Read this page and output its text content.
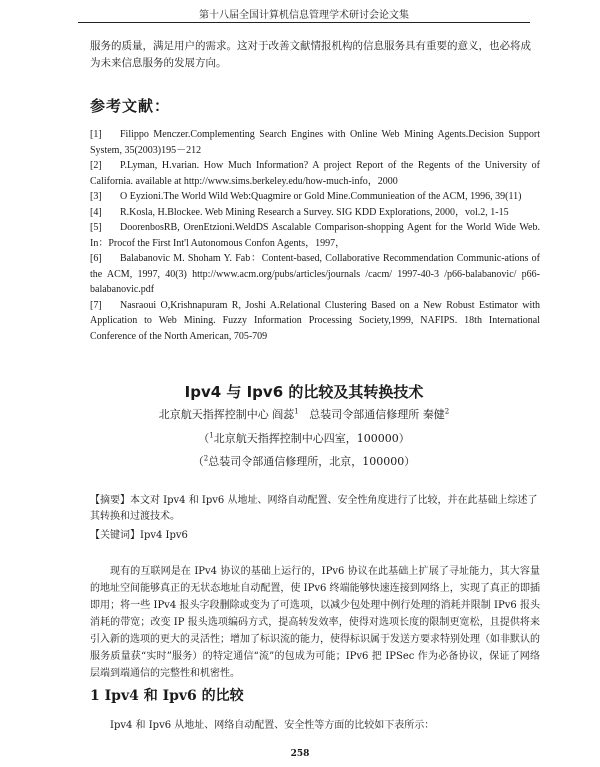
第十八届全国计算机信息管理学术研讨会论文集

服务的质量，满足用户的需求。这对于改善文献情报机构的信息服务具有重要的意义，也必将成为未来信息服务的发展方向。

参考文献：
[1] Filippo Menczer.Complementing Search Engines with Online Web Mining Agents.Decision Support System, 35(2003)195－212
[2] P.Lyman, H.varian. How Much Information? A project Report of the Regents of the University of California. available at http://www.sims.berkeley.edu/how-much-info，2000
[3] O Eyzioni.The World Wild Web:Quagmire or Gold Mine.Communieation of the ACM, 1996, 39(11)
[4] R.Kosla, H.Blockee. Web Mining Research a Survey. SIG KDD Explorations, 2000，vol.2, 1-15
[5] DoorenbosRB, OrenEtzioni.WeldDS Ascalable Comparison-shopping Agent for the World Wide Web. In：Procof the First Int'l Autonomous Confon Agents，1997，
[6] Balabanovic M. Shoham Y. Fab：Content-based, Collaborative Recommendation Communic-ations of the ACM, 1997, 40(3) http://www.acm.org/pubs/articles/journals /cacm/ 1997-40-3 /p66-balabanovic/ p66-balabanovic.pdf
[7] Nasraoui O,Krishnapuram R, Joshi A.Relational Clustering Based on a New Robust Estimator with Application to Web Mining. Fuzzy Information Processing Society,1999, NAFIPS. 18th International Conference of the North American, 705-709
Ipv4 与 Ipv6 的比较及其转换技术

北京航天指挥控制中心 阎蕊$^1$ 总装司令部通信修理所 秦健$^2$

（$^1$北京航天指挥控制中心四室，100000）

（$^2$总装司令部通信修理所，北京，100000）

【摘要】本文对 Ipv4 和 Ipv6 从地址、网络自动配置、安全性角度进行了比较，并在此基础上综述了其转换和过渡技术。

【关键词】Ipv4 Ipv6

现有的互联网是在 IPv4 协议的基础上运行的，IPv6 协议在此基础上扩展了寻址能力，其大容量的地址空间能够真正的无状态地址自动配置，使 IPv6 终端能够快速连接到网络上，实现了真正的即插即用；将一些 IPv4 报头字段删除或变为了可选项，以减少包处理中例行处理的消耗并限制 IPv6 报头消耗的带宽；改变 IP 报头选项编码方式，提高转发效率，使得对选项长度的限制更宽松，且提供将来引入新的选项的更大的灵活性；增加了标识流的能力，使得标识属于发送方要求特别处理（如非默认的服务质量获“实时”服务）的特定通信“流”的包成为可能；IPv6 把 IPSec 作为必备协议，保证了网络层端到端通信的完整性和机密性。

1 Ipv4 和 Ipv6 的比较

Ipv4 和 Ipv6 从地址、网络自动配置、安全性等方面的比较如下表所示：

258
